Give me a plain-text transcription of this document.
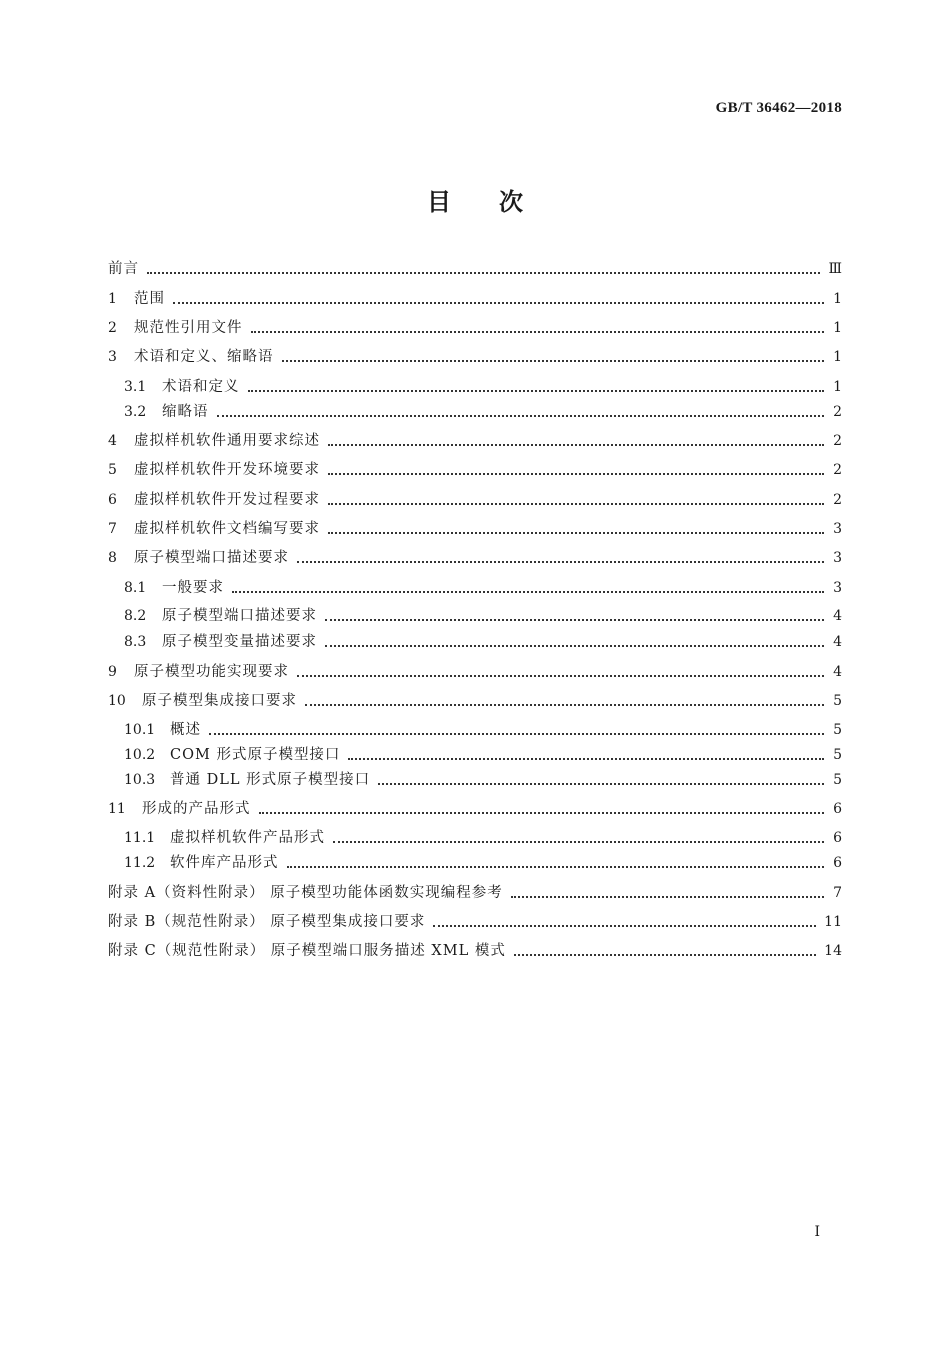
GB/T 36462—2018
目 次
前言	Ⅲ
1	范围	1
2	规范性引用文件	1
3	术语和定义、缩略语	1
3.1	术语和定义	1
3.2	缩略语	2
4	虚拟样机软件通用要求综述	2
5	虚拟样机软件开发环境要求	2
6	虚拟样机软件开发过程要求	2
7	虚拟样机软件文档编写要求	3
8	原子模型端口描述要求	3
8.1	一般要求	3
8.2	原子模型端口描述要求	4
8.3	原子模型变量描述要求	4
9	原子模型功能实现要求	4
10	原子模型集成接口要求	5
10.1	概述	5
10.2	COM 形式原子模型接口	5
10.3	普通 DLL 形式原子模型接口	5
11	形成的产品形式	6
11.1	虚拟样机软件产品形式	6
11.2	软件库产品形式	6
附录 A（资料性附录） 原子模型功能体函数实现编程参考	7
附录 B（规范性附录） 原子模型集成接口要求	11
附录 C（规范性附录） 原子模型端口服务描述 XML 模式	14
I
